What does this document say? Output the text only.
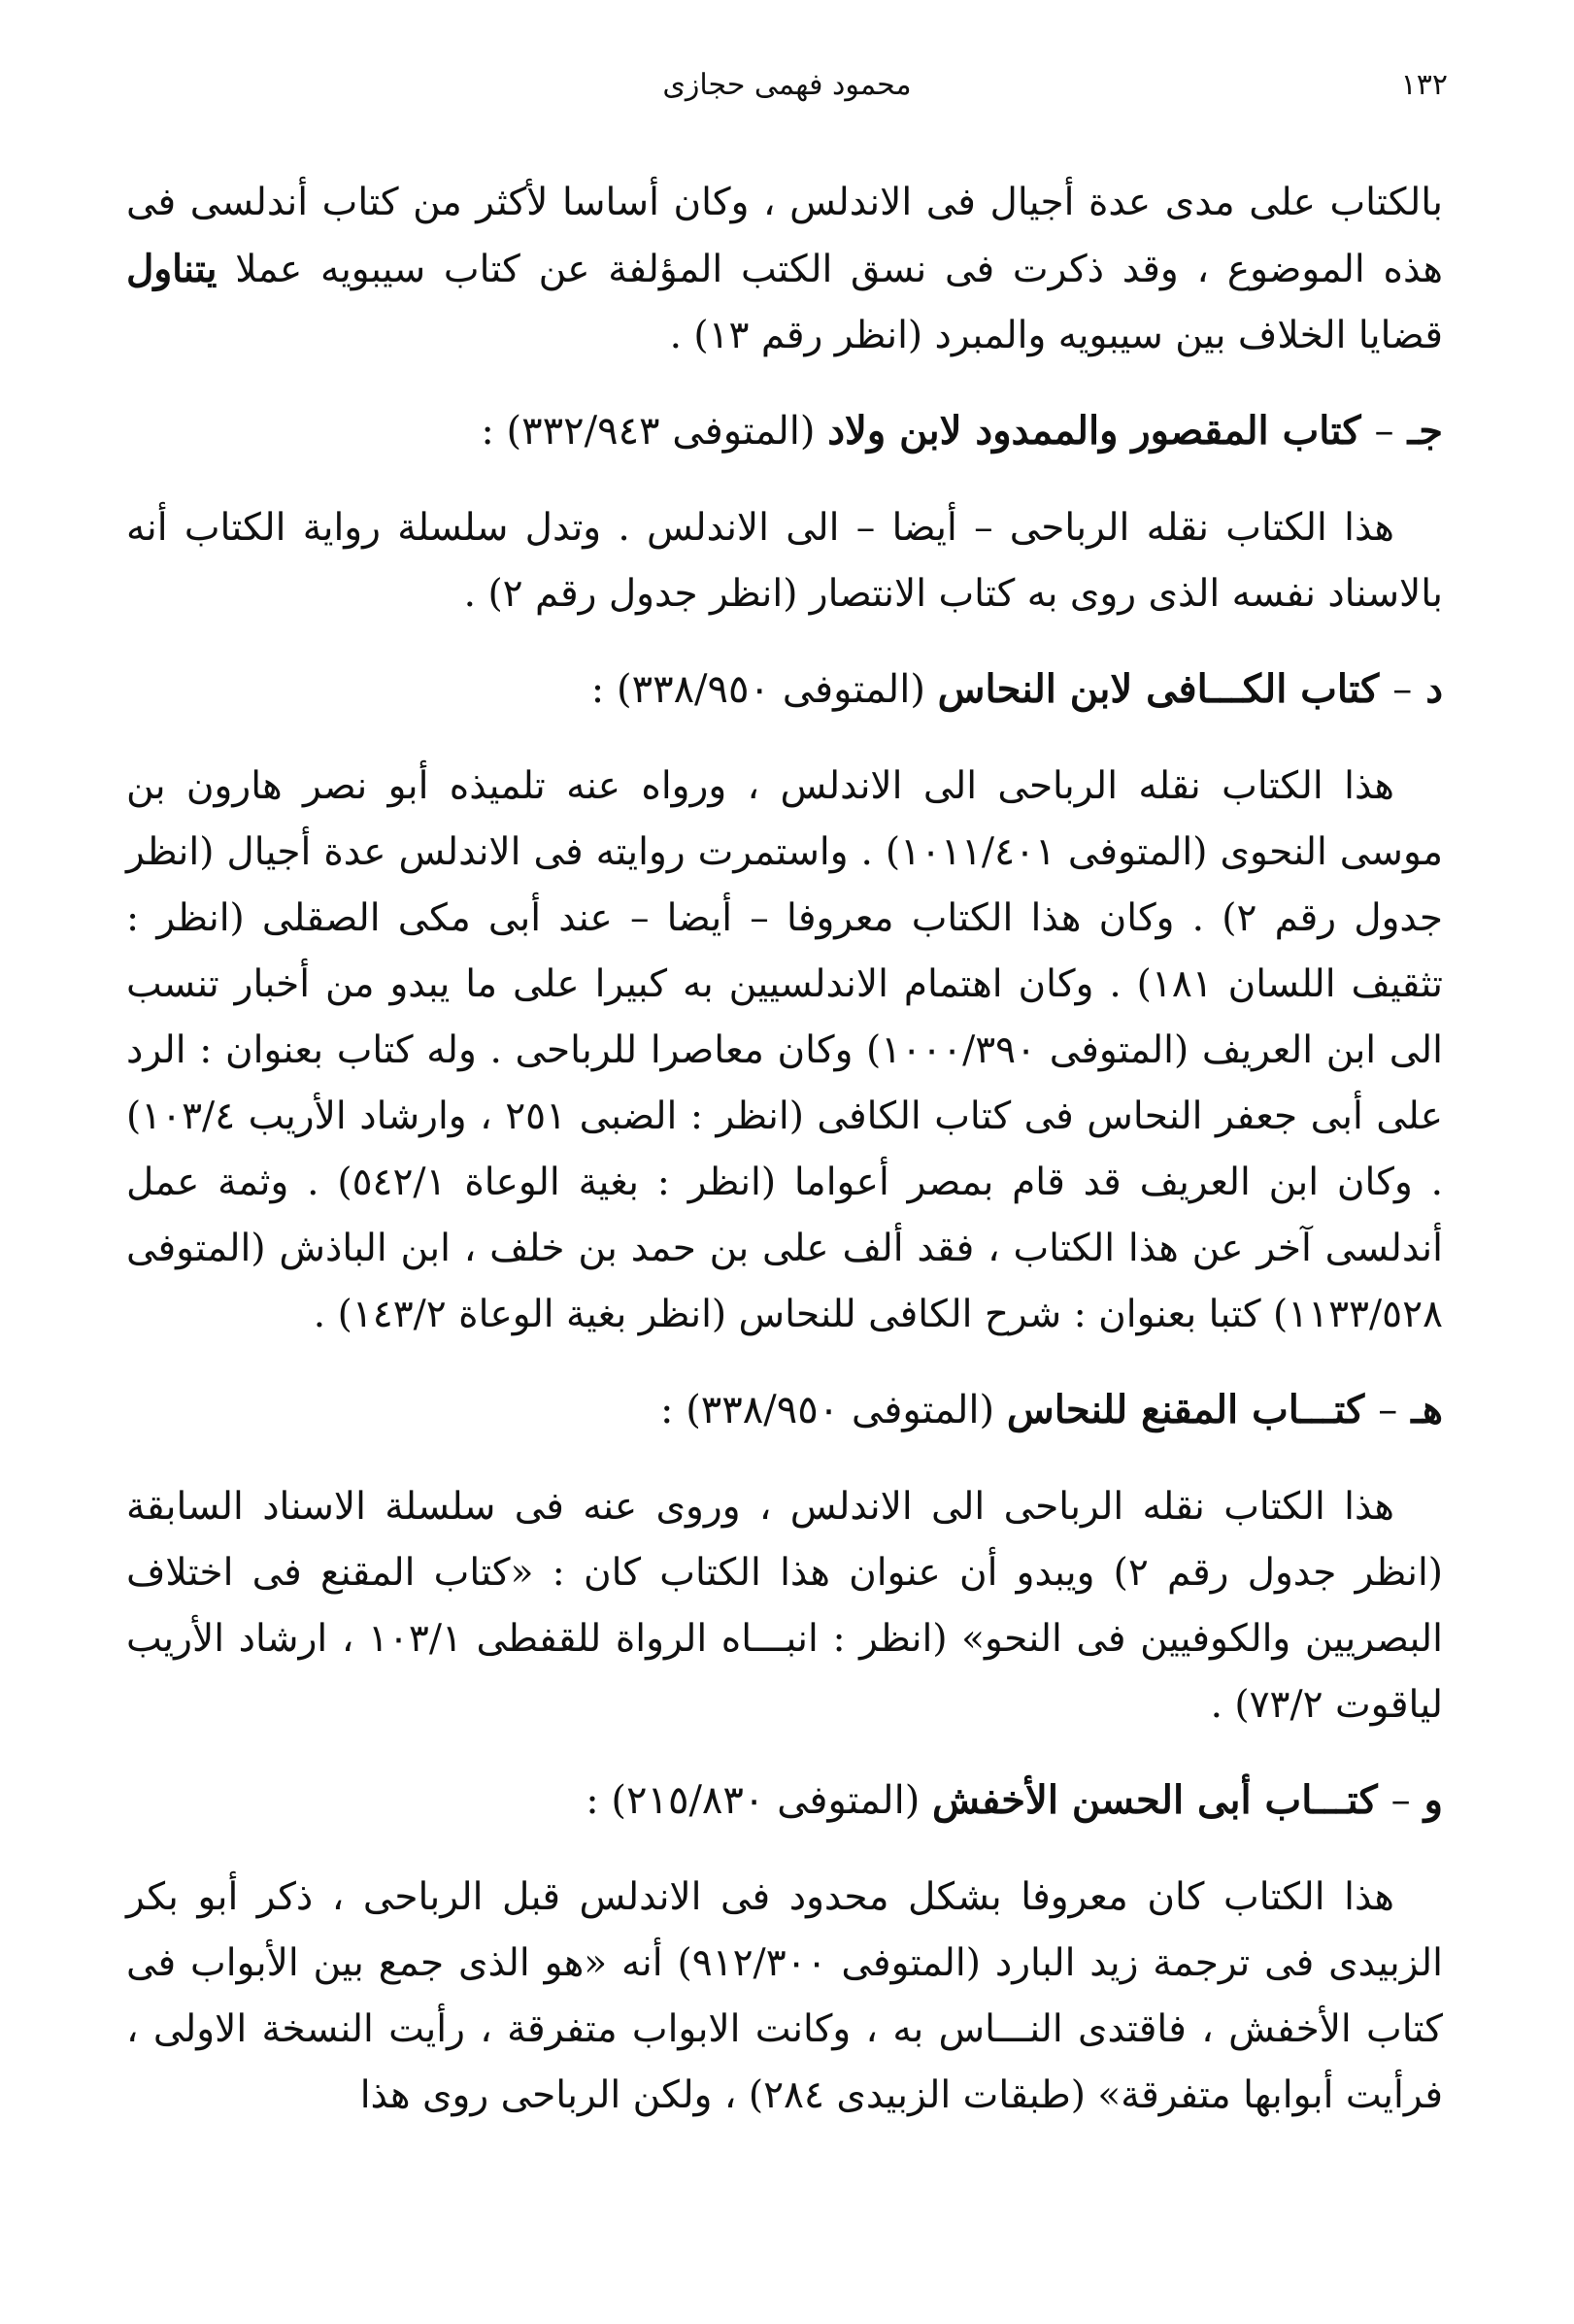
١٣٢
محمود فهمى حجازى

بالكتاب على مدى عدة أجيال فى الاندلس ، وكان أساسا لأكثر من كتاب أندلسى فى هذه الموضوع ، وقد ذكرت فى نسق الكتب المؤلفة عن كتاب سيبويه عملا يتناول قضايا الخلاف بين سيبويه والمبرد (انظر رقم ١٣) .

جـ–كتاب المقصور والممدود لابن ولاد (المتوفى ٣٣٢/٩٤٣) :

هذا الكتاب نقله الرباحى – أيضا – الى الاندلس . وتدل سلسلة رواية الكتاب أنه بالاسناد نفسه الذى روى به كتاب الانتصار (انظر جدول رقم ٢) .

د–كتاب الكـــافى لابن النحاس (المتوفى ٣٣٨/٩٥٠) :

هذا الكتاب نقله الرباحى الى الاندلس ، ورواه عنه تلميذه أبو نصر هارون بن موسى النحوى (المتوفى ١٠١١/٤٠١) . واستمرت روايته فى الاندلس عدة أجيال (انظر جدول رقم ٢) . وكان هذا الكتاب معروفا – أيضا – عند أبى مكى الصقلى (انظر : تثقيف اللسان ١٨١) . وكان اهتمام الاندلسيين به كبيرا على ما يبدو من أخبار تنسب الى ابن العريف (المتوفى ١٠٠٠/٣٩٠) وكان معاصرا للرباحى . وله كتاب بعنوان : الرد على أبى جعفر النحاس فى كتاب الكافى (انظر : الضبى ٢٥١ ، وارشاد الأريب ١٠٣/٤) . وكان ابن العريف قد قام بمصر أعواما (انظر : بغية الوعاة ٥٤٢/١) . وثمة عمل أندلسى آخر عن هذا الكتاب ، فقد ألف على بن حمد بن خلف ، ابن الباذش (المتوفى ١١٣٣/٥٢٨) كتبا بعنوان : شرح الكافى للنحاس (انظر بغية الوعاة ١٤٣/٢) .

هـ–كتـــاب المقنع للنحاس (المتوفى ٣٣٨/٩٥٠) :

هذا الكتاب نقله الرباحى الى الاندلس ، وروى عنه فى سلسلة الاسناد السابقة (انظر جدول رقم ٢) ويبدو أن عنوان هذا الكتاب كان : «كتاب المقنع فى اختلاف البصريين والكوفيين فى النحو» (انظر : انبـــاه الرواة للقفطى ١٠٣/١ ، ارشاد الأريب لياقوت ٧٣/٢) .

و–كتـــاب أبى الحسن الأخفش (المتوفى ٢١٥/٨٣٠) :

هذا الكتاب كان معروفا بشكل محدود فى الاندلس قبل الرباحى ، ذكر أبو بكر الزبيدى فى ترجمة زيد البارد (المتوفى ٩١٢/٣٠٠) أنه «هو الذى جمع بين الأبواب فى كتاب الأخفش ، فاقتدى النـــاس به ، وكانت الابواب متفرقة ، رأيت النسخة الاولى ، فرأيت أبوابها متفرقة» (طبقات الزبيدى ٢٨٤) ، ولكن الرباحى روى هذا
